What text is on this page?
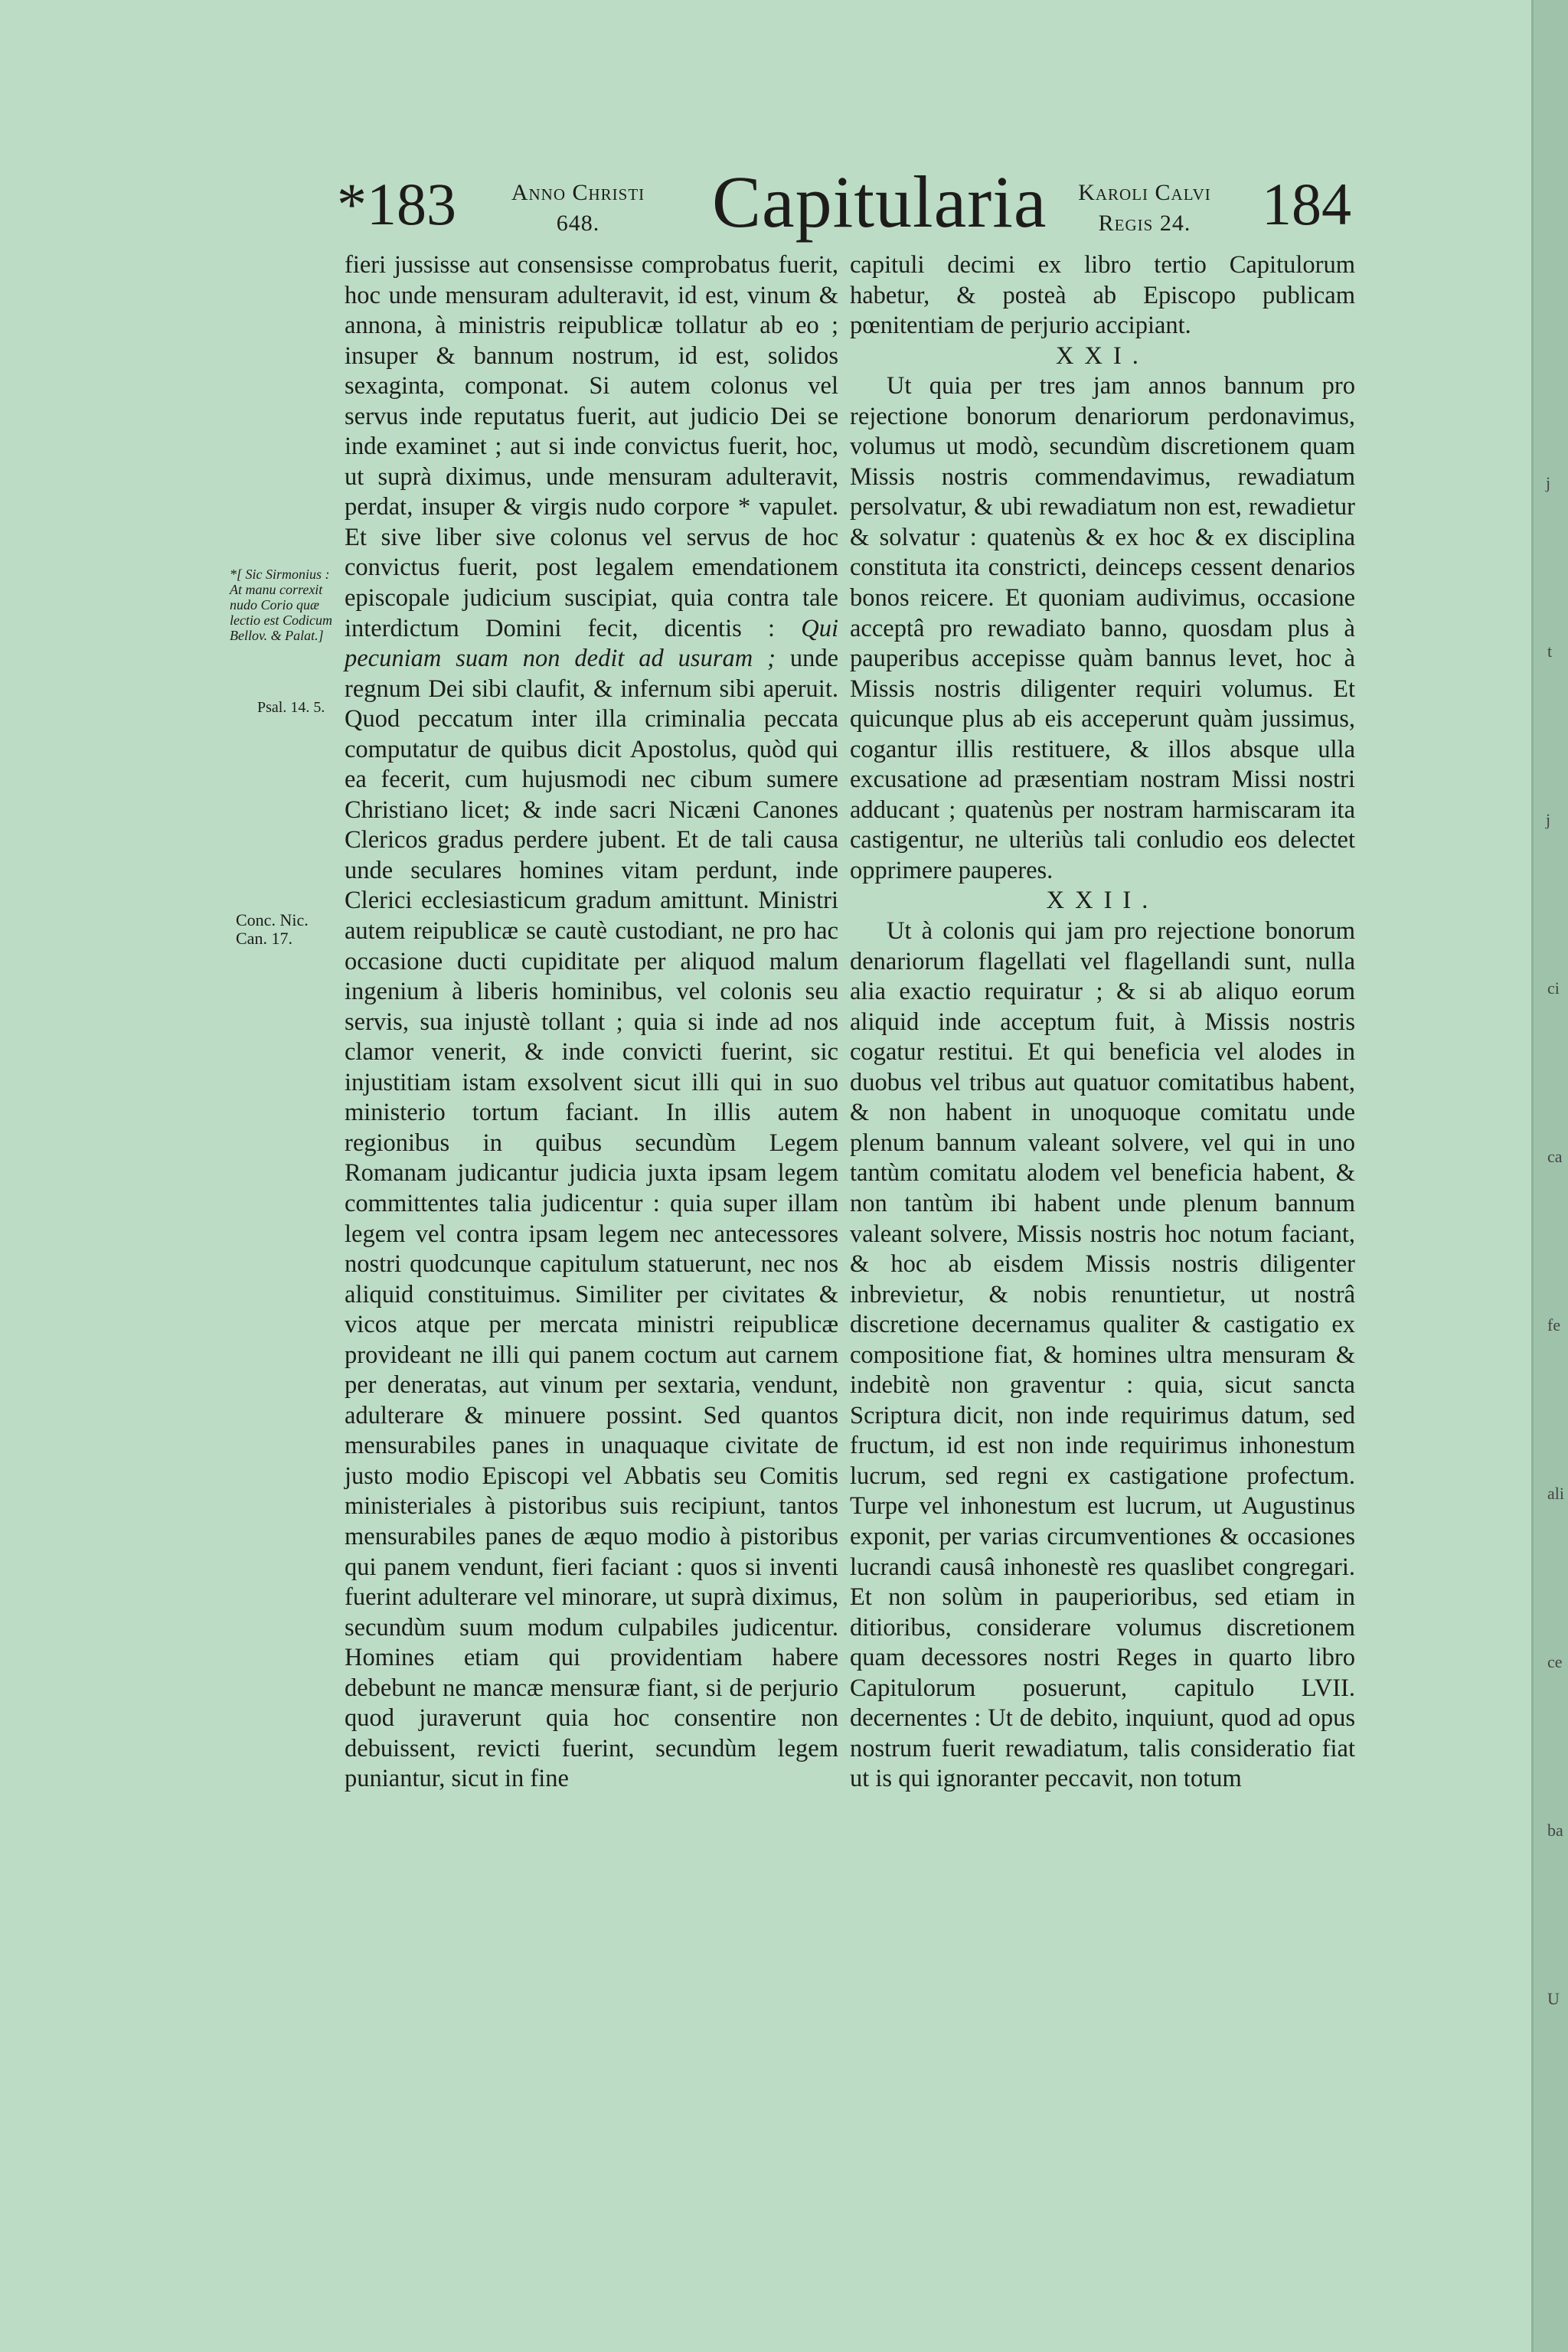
*183	Anno Christi
648.	Capitularia	Karoli Calvi
Regis 24.	184
*[ Sic Sirmonius : At manu correxit nudo Corio quæ lectio est Codicum Bellov. & Palat.]
Psal. 14. 5.
Conc. Nic. Can. 17.

fieri jussisse aut consensisse comprobatus fuerit, hoc unde mensuram adulteravit, id est, vinum & annona, à ministris reipublicæ tollatur ab eo ; insuper & bannum nostrum, id est, solidos sexaginta, componat. Si autem colonus vel servus inde reputatus fuerit, aut judicio Dei se inde examinet ; aut si inde convictus fuerit, hoc, ut suprà diximus, unde mensuram adulteravit, perdat, insuper & virgis nudo corpore * vapulet. Et sive liber sive colonus vel servus de hoc convictus fuerit, post legalem emendationem episcopale judicium suscipiat, quia contra tale interdictum Domini fecit, dicentis : Qui pecuniam suam non dedit ad usuram ; unde regnum Dei sibi claufit, & infernum sibi aperuit. Quod peccatum inter illa criminalia peccata computatur de quibus dicit Apostolus, quòd qui ea fecerit, cum hujusmodi nec cibum sumere Christiano licet; & inde sacri Nicæni Canones Clericos gradus perdere jubent. Et de tali causa unde seculares homines vitam perdunt, inde Clerici ecclesiasticum gradum amittunt. Ministri autem reipublicæ se cautè custodiant, ne pro hac occasione ducti cupiditate per aliquod malum ingenium à liberis hominibus, vel colonis seu servis, sua injustè tollant ; quia si inde ad nos clamor venerit, & inde convicti fuerint, sic injustitiam istam exsolvent sicut illi qui in suo ministerio tortum faciant. In illis autem regionibus in quibus secundùm Legem Romanam judicantur judicia juxta ipsam legem committentes talia judicentur : quia super illam legem vel contra ipsam legem nec antecessores nostri quodcunque capitulum statuerunt, nec nos aliquid constituimus. Similiter per civitates & vicos atque per mercata ministri reipublicæ provideant ne illi qui panem coctum aut carnem per deneratas, aut vinum per sextaria, vendunt, adulterare & minuere possint. Sed quantos mensurabiles panes in unaquaque civitate de justo modio Episcopi vel Abbatis seu Comitis ministeriales à pistoribus suis recipiunt, tantos mensurabiles panes de æquo modio à pistoribus qui panem vendunt, fieri faciant : quos si inventi fuerint adulterare vel minorare, ut suprà diximus, secundùm suum modum culpabiles judicentur. Homines etiam qui providentiam habere debebunt ne mancæ mensuræ fiant, si de perjurio quod juraverunt quia hoc consentire non debuissent, revicti fuerint, secundùm legem puniantur, sicut in fine

capituli decimi ex libro tertio Capitulorum habetur, & posteà ab Episcopo publicam pœnitentiam de perjurio accipiant.

XXI.

Ut quia per tres jam annos bannum pro rejectione bonorum denariorum perdonavimus, volumus ut modò, secundùm discretionem quam Missis nostris commendavimus, rewadiatum persolvatur, & ubi rewadiatum non est, rewadietur & solvatur : quatenùs & ex hoc & ex disciplina constituta ita constricti, deinceps cessent denarios bonos reicere. Et quoniam audivimus, occasione acceptâ pro rewadiato banno, quosdam plus à pauperibus accepisse quàm bannus levet, hoc à Missis nostris diligenter requiri volumus. Et quicunque plus ab eis acceperunt quàm jussimus, cogantur illis restituere, & illos absque ulla excusatione ad præsentiam nostram Missi nostri adducant ; quatenùs per nostram harmiscaram ita castigentur, ne ulteriùs tali conludio eos delectet opprimere pauperes.

XXII.

Ut à colonis qui jam pro rejectione bonorum denariorum flagellati vel flagellandi sunt, nulla alia exactio requiratur ; & si ab aliquo eorum aliquid inde acceptum fuit, à Missis nostris cogatur restitui. Et qui beneficia vel alodes in duobus vel tribus aut quatuor comitatibus habent, & non habent in unoquoque comitatu unde plenum bannum valeant solvere, vel qui in uno tantùm comitatu alodem vel beneficia habent, & non tantùm ibi habent unde plenum bannum valeant solvere, Missis nostris hoc notum faciant, & hoc ab eisdem Missis nostris diligenter inbrevietur, & nobis renuntietur, ut nostrâ discretione decernamus qualiter & castigatio ex compositione fiat, & homines ultra mensuram & indebitè non graventur : quia, sicut sancta Scriptura dicit, non inde requirimus datum, sed fructum, id est non inde requirimus inhonestum lucrum, sed regni ex castigatione profectum. Turpe vel inhonestum est lucrum, ut Augustinus exponit, per varias circumventiones & occasiones lucrandi causâ inhonestè res quaslibet congregari. Et non solùm in pauperioribus, sed etiam in ditioribus, considerare volumus discretionem quam decessores nostri Reges in quarto libro Capitulorum posuerunt, capitulo LVII. decernentes : Ut de debito, inquiunt, quod ad opus nostrum fuerit rewadiatum, talis consideratio fiat ut is qui ignoranter peccavit, non totum

j
t
j
ci
ca
fe
ali
ce
ba
U
